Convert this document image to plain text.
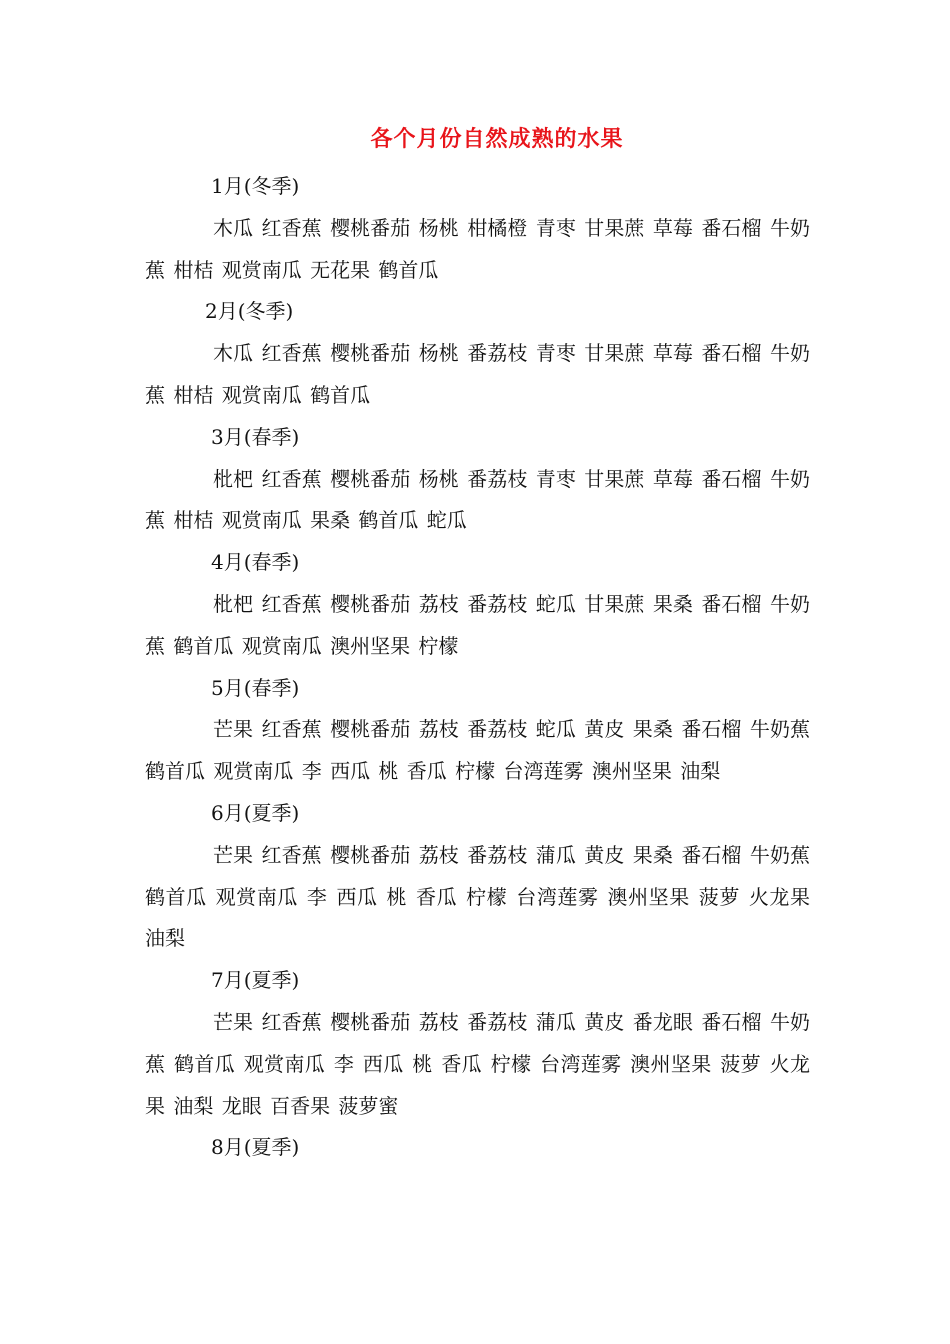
各个月份自然成熟的水果

1月(冬季)

木瓜 红香蕉 樱桃番茄 杨桃 柑橘橙 青枣 甘果蔗 草莓 番石榴 牛奶蕉 柑桔 观赏南瓜 无花果 鹤首瓜

2月(冬季)

木瓜 红香蕉 樱桃番茄 杨桃 番荔枝 青枣 甘果蔗 草莓 番石榴 牛奶蕉 柑桔 观赏南瓜 鹤首瓜

3月(春季)

枇杷 红香蕉 樱桃番茄 杨桃 番荔枝 青枣 甘果蔗 草莓 番石榴 牛奶蕉 柑桔 观赏南瓜 果桑 鹤首瓜 蛇瓜

4月(春季)

枇杷 红香蕉 樱桃番茄 荔枝 番荔枝 蛇瓜 甘果蔗 果桑 番石榴 牛奶蕉 鹤首瓜 观赏南瓜 澳州坚果 柠檬

5月(春季)

芒果 红香蕉 樱桃番茄 荔枝 番荔枝 蛇瓜 黄皮 果桑 番石榴 牛奶蕉 鹤首瓜 观赏南瓜 李 西瓜 桃 香瓜 柠檬 台湾莲雾 澳州坚果 油梨

6月(夏季)

芒果 红香蕉 樱桃番茄 荔枝 番荔枝 蒲瓜 黄皮 果桑 番石榴 牛奶蕉 鹤首瓜 观赏南瓜 李 西瓜 桃 香瓜 柠檬 台湾莲雾 澳州坚果 菠萝 火龙果 油梨

7月(夏季)

芒果 红香蕉 樱桃番茄 荔枝 番荔枝 蒲瓜 黄皮 番龙眼 番石榴 牛奶蕉 鹤首瓜 观赏南瓜 李 西瓜 桃 香瓜 柠檬 台湾莲雾 澳州坚果 菠萝 火龙果 油梨 龙眼 百香果 菠萝蜜

8月(夏季)
